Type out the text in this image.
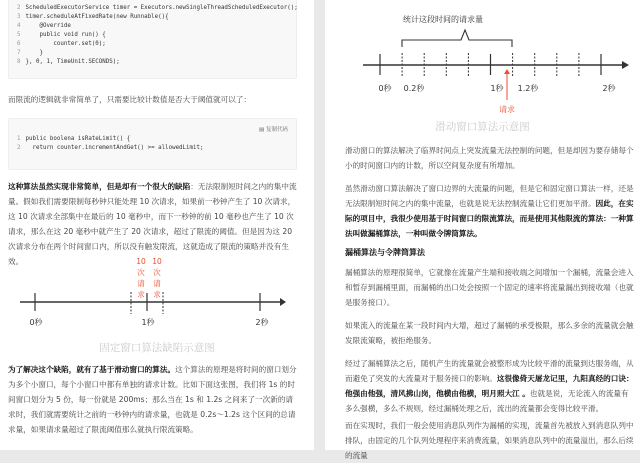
2 ScheduledExecutorService timer = Executors.newSingleThreadScheduledExecutor();
3 timer.scheduleAtFixedRate(new Runnable(){
4    @Override
5    public void run() {
6        counter.set(0);
7    }
8 }, 0, 1, TimeUnit.SECONDS);
而限流的逻辑就非常简单了，只需要比较计数值是否大于阈值就可以了：
▤ 复制代码
1 public boolena isRateLimit() {
2  return counter.incrementAndGet() >= allowedLimit;
这种算法虽然实现非常简单，但是却有一个很大的缺陷：无法限制短时间之内的集中流量。假如我们需要限制每秒钟只能处理 10 次请求，如果前一秒钟产生了 10 次请求，这 10 次请求全部集中在最后的 10 毫秒中，而下一秒钟的前 10 毫秒也产生了 10 次请求，那么在这 20 毫秒中就产生了 20 次请求，超过了限流的阈值。但是因为这 20 次请求分布在两个时间窗口内，所以没有触发限流，这就造成了限流的策略并没有生效。	10
次
请
求
10
次
请
求
0秒	1秒	2秒
固定窗口算法缺陷示意图
为了解决这个缺陷，就有了基于滑动窗口的算法。这个算法的原理是将时间的窗口划分为多个小窗口，每个小窗口中都有单独的请求计数。比如下面这张图，我们将 1s 的时间窗口划分为 5 份，每一份就是 200ms；那么当在 1s 和 1.2s 之间来了一次新的请求时，我们就需要统计之前的一秒钟内的请求量，也就是 0.2s～1.2s 这个区间的总请求量，如果请求量超过了限流阈值那么就执行限流策略。
统计这段时间的请求量
0秒 0.2秒	1秒 1.2秒	2秒
请求
滑动窗口算法示意图
滑动窗口的算法解决了临界时间点上突发流量无法控制的问题，但是却因为要存储每个小的时间窗口内的计数，所以空间复杂度有所增加。
虽然滑动窗口算法解决了窗口边界的大流量的问题，但是它和固定窗口算法一样，还是无法限制短时间之内的集中流量，也就是说无法控制流量让它们更加平滑。因此，在实际的项目中，我很少使用基于时间窗口的限流算法，而是使用其他限流的算法：一种算法叫做漏桶算法，一种叫做令牌筒算法。
漏桶算法与令牌筒算法
漏桶算法的原理很简单，它就像在流量产生端和接收端之间增加一个漏桶，流量会进入和暂存到漏桶里面，而漏桶的出口处会按照一个固定的速率将流量漏出到接收端（也就是服务接口）。
如果流入的流量在某一段时间内大增，超过了漏桶的承受极限，那么多余的流量就会触发限流策略，被拒绝服务。
经过了漏桶算法之后，随机产生的流量就会被整形成为比较平滑的流量到达服务端，从而避免了突发的大流量对于服务接口的影响。这很像倚天屠龙记里，九阳真经的口诀：他强由他强，清风拂山岗，他横由他横，明月照大江 。也就是说，无论流入的流量有多么强横，多么不规则，经过漏桶处理之后，流出的流量都会变得比较平滑。
而在实现时，我们一般会使用消息队列作为漏桶的实现，流量首先被放入到消息队列中排队，由固定的几个队列处理程序来消费流量，如果消息队列中的流量溢出，那么后续的流量
